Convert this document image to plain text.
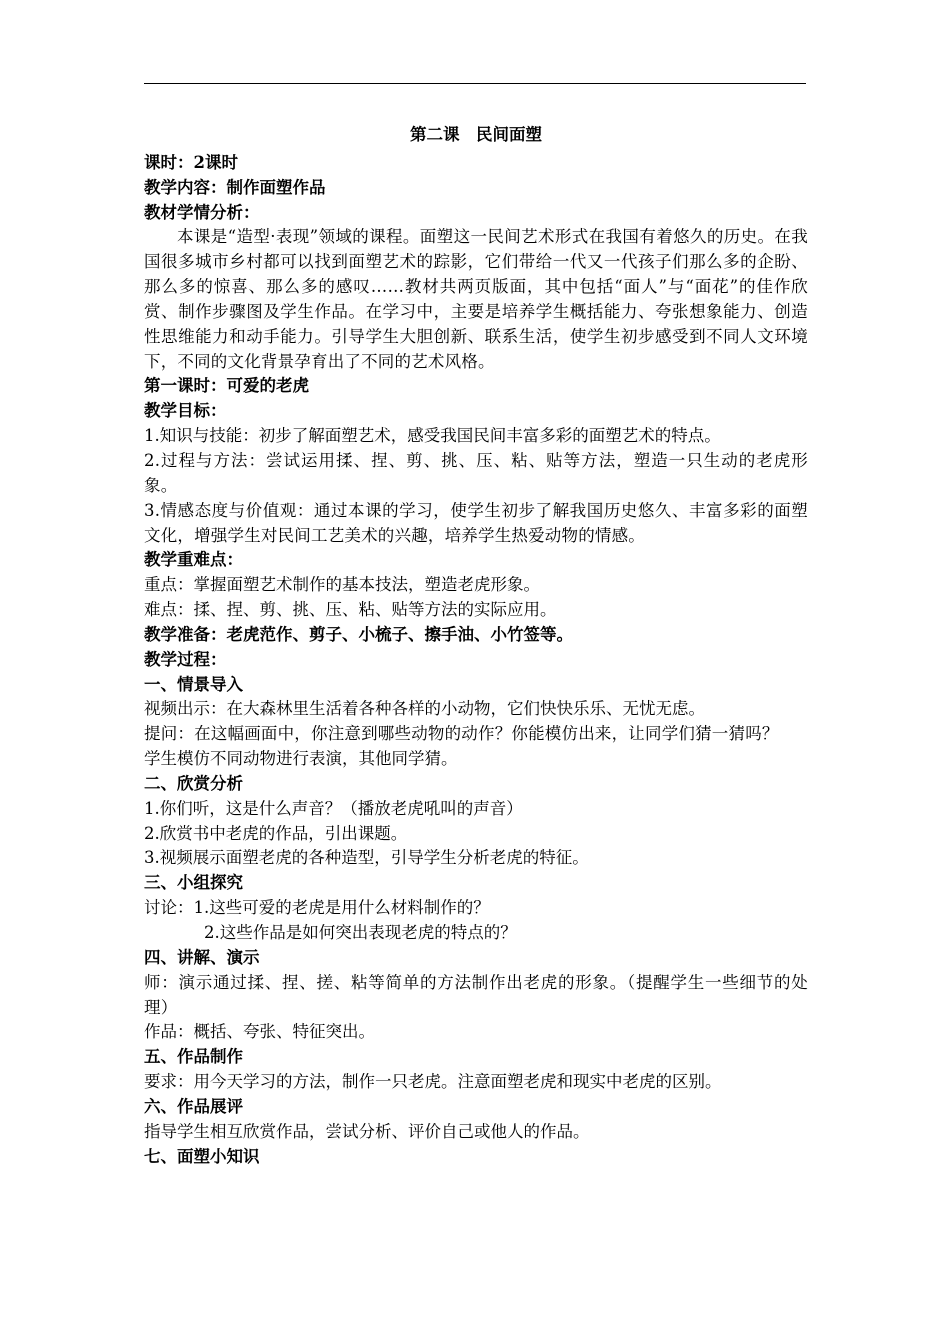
第二课　民间面塑
课时：2课时
教学内容：制作面塑作品
教材学情分析：
本课是“造型·表现”领域的课程。面塑这一民间艺术形式在我国有着悠久的历史。在我国很多城市乡村都可以找到面塑艺术的踪影，它们带给一代又一代孩子们那么多的企盼、那么多的惊喜、那么多的感叹……教材共两页版面，其中包括“面人”与“面花”的佳作欣赏、制作步骤图及学生作品。在学习中，主要是培养学生概括能力、夸张想象能力、创造性思维能力和动手能力。引导学生大胆创新、联系生活，使学生初步感受到不同人文环境下，不同的文化背景孕育出了不同的艺术风格。
第一课时：可爱的老虎
教学目标：
1.知识与技能：初步了解面塑艺术，感受我国民间丰富多彩的面塑艺术的特点。
2.过程与方法：尝试运用揉、捏、剪、挑、压、粘、贴等方法，塑造一只生动的老虎形象。
3.情感态度与价值观：通过本课的学习，使学生初步了解我国历史悠久、丰富多彩的面塑文化，增强学生对民间工艺美术的兴趣，培养学生热爱动物的情感。
教学重难点：
重点：掌握面塑艺术制作的基本技法，塑造老虎形象。
难点：揉、捏、剪、挑、压、粘、贴等方法的实际应用。
教学准备：老虎范作、剪子、小梳子、擦手油、小竹签等。
教学过程：
一、情景导入
视频出示：在大森林里生活着各种各样的小动物，它们快快乐乐、无忧无虑。
提问：在这幅画面中，你注意到哪些动物的动作？你能模仿出来，让同学们猜一猜吗？
学生模仿不同动物进行表演，其他同学猜。
二、欣赏分析
1.你们听，这是什么声音？（播放老虎吼叫的声音）
2.欣赏书中老虎的作品，引出课题。
3.视频展示面塑老虎的各种造型，引导学生分析老虎的特征。
三、小组探究
讨论：1.这些可爱的老虎是用什么材料制作的？
2.这些作品是如何突出表现老虎的特点的？
四、讲解、演示
师：演示通过揉、捏、搓、粘等简单的方法制作出老虎的形象。（提醒学生一些细节的处理）
作品：概括、夸张、特征突出。
五、作品制作
要求：用今天学习的方法，制作一只老虎。注意面塑老虎和现实中老虎的区别。
六、作品展评
指导学生相互欣赏作品，尝试分析、评价自己或他人的作品。
七、面塑小知识
